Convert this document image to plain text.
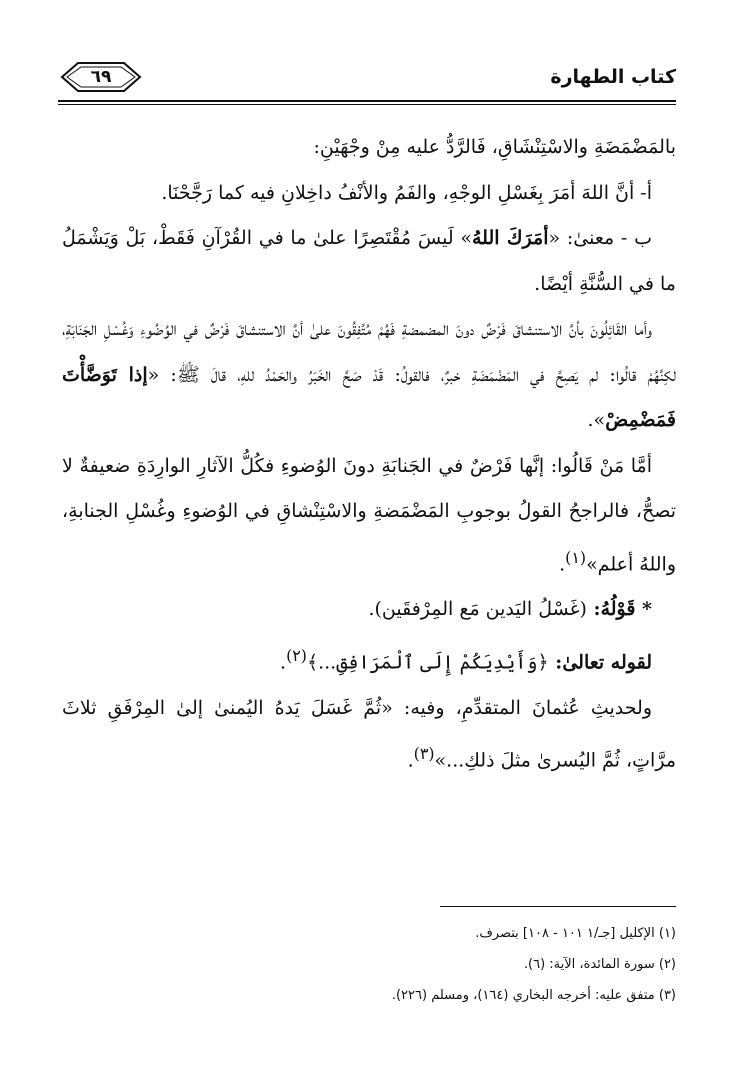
كتاب الطهارة
٦٩

بالمَضْمَضَةِ والاسْتِنْشَاقِ، فَالرَّدُّ عليه مِنْ وجْهَيْنِ:

أ- أنَّ اللهَ أمَرَ بِغَسْلِ الوجْهِ، والفَمُ والأنْفُ داخِلانِ فيه كما رَجَّحْنَا.

ب - معنىٰ: «أمَرَكَ اللهُ» لَيسَ مُقْتَصِرًا علىٰ ما في القُرْآنِ فَقَطْ، بَلْ وَيَشْمَلُ ما في السُّنَّةِ أيْضًا.

وأما القَائِلُونَ بأنَّ الاستنشاقَ فَرْضٌ دونَ المضمضةِ فَهُمْ مُتَّفِقُونَ علىٰ أنَّ الاستنشاقَ فَرْضٌ في الوُضُوءِ وَغُسْلِ الجَنَابَةِ، لكِنَّهُمْ قالُوا: لم يَصِحَّ في المَضْمَضَةِ خبرٌ، فالقولُ: قَدْ صَحَّ الخَبَرُ والحَمْدُ للهِ، قالَ ﷺ: «إذا تَوَضَّأْتَ فَمَضْمِضْ».

أمَّا مَنْ قَالُوا: إنَّها فَرْضٌ في الجَنابَةِ دونَ الوُضوءِ فكُلُّ الآثارِ الوارِدَةِ ضعيفةٌ لا تصحُّ، فالراجحُ القولُ بوجوبِ المَضْمَضةِ والاسْتِنْشاقِ في الوُضوءِ وغُسْلِ الجنابةِ، واللهُ أعلم»$^{(١)}$.

* قَوْلُهُ: (غَسْلُ اليَدين مَع المِرْفقَين).

لقوله تعالىٰ: ﴿وَأَيْدِيَكُمْ إِلَى ٱلْمَرَافِقِ...﴾$^{(٢)}$.

ولحديثِ عُثمانَ المتقدِّمِ، وفيه: «ثُمَّ غَسَلَ يَدهُ اليُمنىٰ إلىٰ المِرْفَقِ ثلاثَ مرَّاتٍ، ثُمَّ اليُسرىٰ مثلَ ذلكِ...»$^{(٣)}$.

(١) الإكليل [جـ/١ ١٠١ - ١٠٨] بتصرف.

(٢) سورة المائدة، الآية: (٦).

(٣) متفق عليه: أخرجه البخاري (١٦٤)، ومسلم (٢٢٦).
